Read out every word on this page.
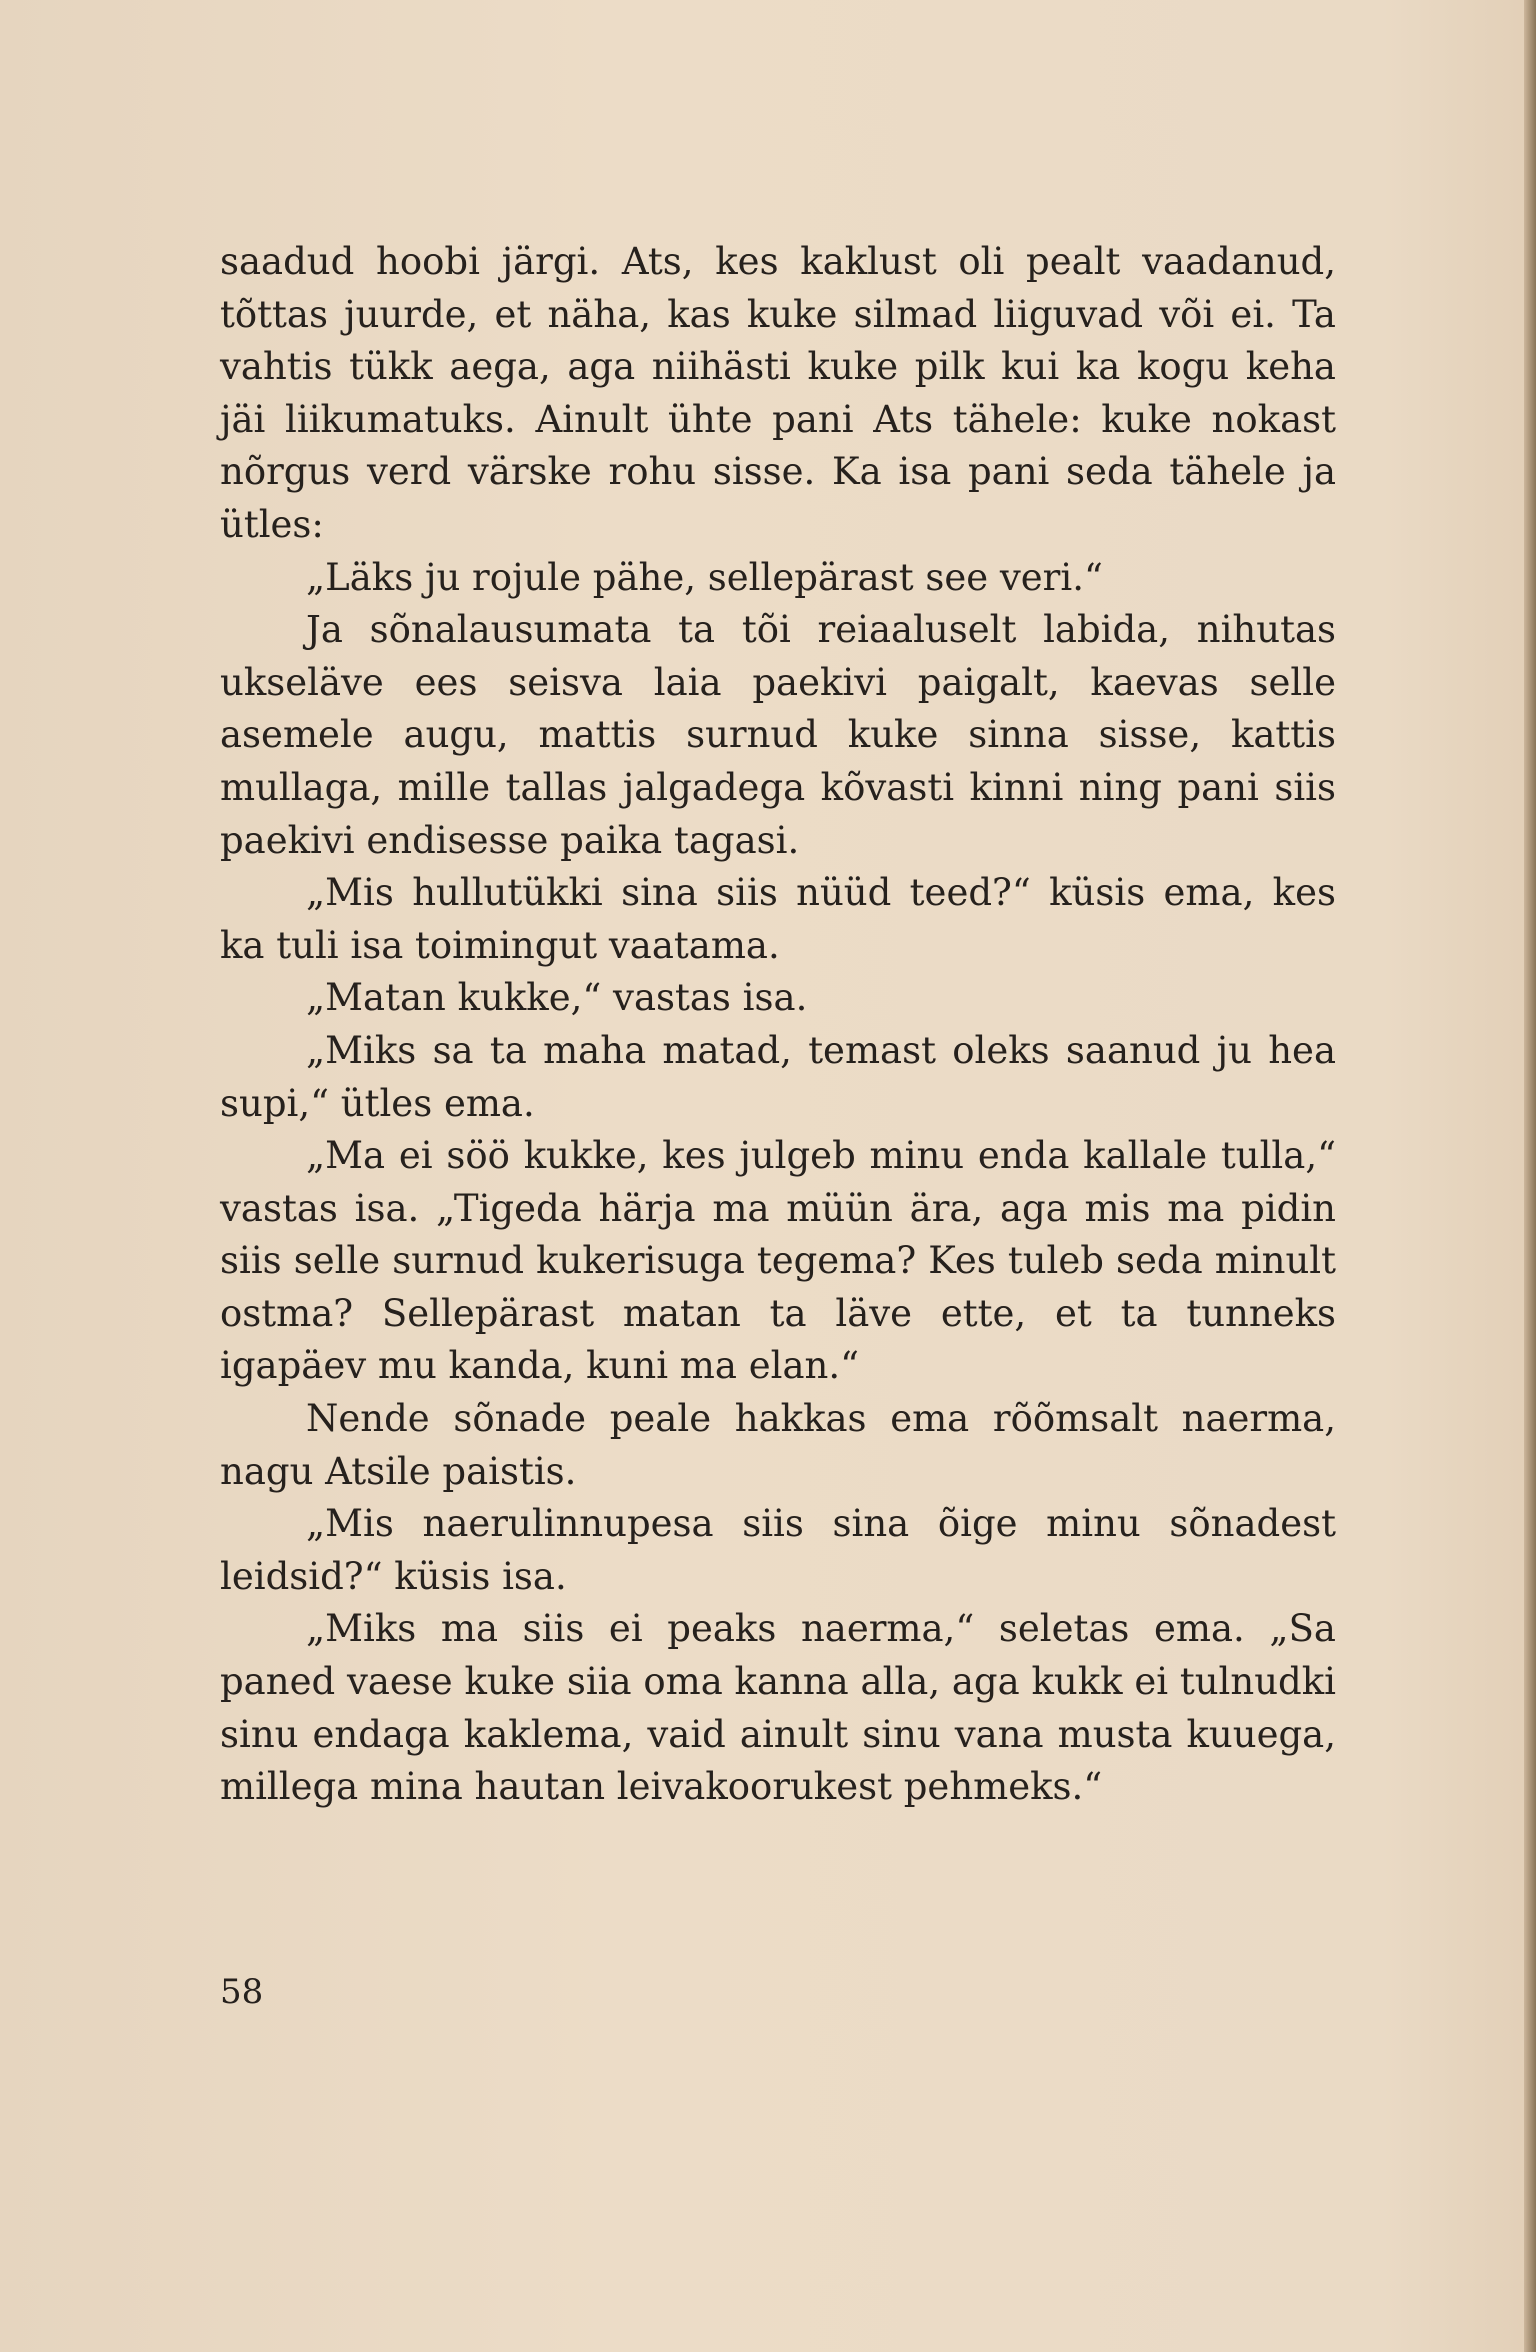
saadud hoobi järgi. Ats, kes kaklust oli pealt vaadanud, tõttas juurde, et näha, kas kuke silmad liiguvad või ei. Ta vahtis tükk aega, aga niihästi kuke pilk kui ka kogu keha jäi liikumatuks. Ainult ühte pani Ats tähele: kuke nokast nõrgus verd värske rohu sisse. Ka isa pani seda tähele ja ütles:

„Läks ju rojule pähe, sellepärast see veri.“

Ja sõnalausumata ta tõi reiaaluselt labida, nihutas ukseläve ees seisva laia paekivi paigalt, kaevas selle asemele augu, mattis surnud kuke sinna sisse, kattis mullaga, mille tallas jalgadega kõvasti kinni ning pani siis paekivi endisesse paika tagasi.

„Mis hullutükki sina siis nüüd teed?“ küsis ema, kes ka tuli isa toimingut vaatama.

„Matan kukke,“ vastas isa.

„Miks sa ta maha matad, temast oleks saanud ju hea supi,“ ütles ema.

„Ma ei söö kukke, kes julgeb minu enda kallale tulla,“ vastas isa. „Tigeda härja ma müün ära, aga mis ma pidin siis selle surnud kukerisuga tegema? Kes tuleb seda minult ostma? Sellepärast matan ta läve ette, et ta tunneks igapäev mu kanda, kuni ma elan.“

Nende sõnade peale hakkas ema rõõmsalt naerma, nagu Atsile paistis.

„Mis naerulinnupesa siis sina õige minu sõnadest leidsid?“ küsis isa.

„Miks ma siis ei peaks naerma,“ seletas ema. „Sa paned vaese kuke siia oma kanna alla, aga kukk ei tulnudki sinu endaga kaklema, vaid ainult sinu vana musta kuuega, millega mina hautan leivakoorukest pehmeks.“

58
